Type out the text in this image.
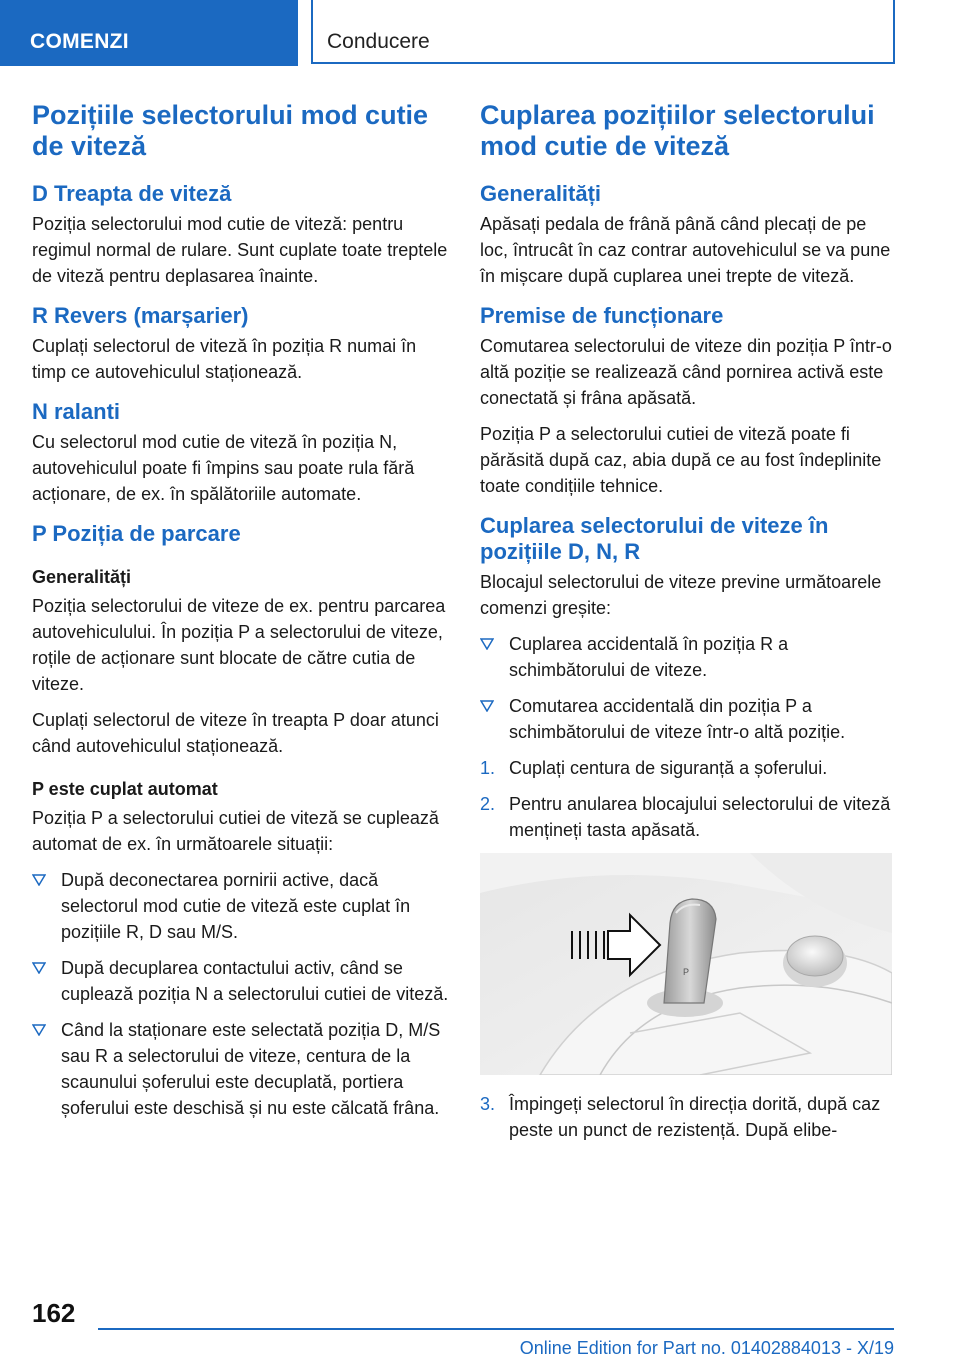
COMENZI	Conducere
Pozițiile selectorului mod cutie de viteză
D Treapta de viteză

Poziția selectorului mod cutie de viteză: pentru regimul normal de rulare. Sunt cuplate toate treptele de viteză pentru deplasarea înainte.

R Revers (marșarier)

Cuplați selectorul de viteză în poziția R numai în timp ce autovehiculul staționează.

N ralanti

Cu selectorul mod cutie de viteză în poziția N, autovehiculul poate fi împins sau poate rula fără acționare, de ex. în spălătoriile automate.

P Poziția de parcare
Generalități

Poziția selectorului de viteze de ex. pentru parcarea autovehiculului. În poziția P a selectorului de viteze, roțile de acționare sunt blocate de către cutia de viteze.

Cuplați selectorul de viteze în treapta P doar atunci când autovehiculul staționează.

P este cuplat automat

Poziția P a selectorului cutiei de viteză se cuplează automat de ex. în următoarele situații:

După deconectarea pornirii active, dacă selectorul mod cutie de viteză este cuplat în pozițiile R, D sau M/S.
După decuplarea contactului activ, când se cuplează poziția N a selectorului cutiei de viteză.
Când la staționare este selectată poziția D, M/S sau R a selectorului de viteze, centura de la scaunului șoferului este decuplată, portiera șoferului este deschisă și nu este călcată frâna.
Cuplarea pozițiilor selectorului mod cutie de viteză
Generalități

Apăsați pedala de frână până când plecați de pe loc, întrucât în caz contrar autovehiculul se va pune în mișcare după cuplarea unei trepte de viteză.

Premise de funcționare

Comutarea selectorului de viteze din poziția P într-o altă poziție se realizează când pornirea activă este conectată și frâna apăsată.

Poziția P a selectorului cutiei de viteză poate fi părăsită după caz, abia după ce au fost îndeplinite toate condițiile tehnice.

Cuplarea selectorului de viteze în pozițiile D, N, R

Blocajul selectorului de viteze previne următoarele comenzi greșite:

Cuplarea accidentală în poziția R a schimbătorului de viteze.
Comutarea accidentală din poziția P a schimbătorului de viteze într-o altă poziție.
1. Cuplați centura de siguranță a șoferului.
2. Pentru anularea blocajului selectorului de viteză mențineți tasta apăsată.
P
3. Împingeți selectorul în direcția dorită, după caz peste un punct de rezistență. După elibe-
162
Online Edition for Part no. 01402884013 - X/19
